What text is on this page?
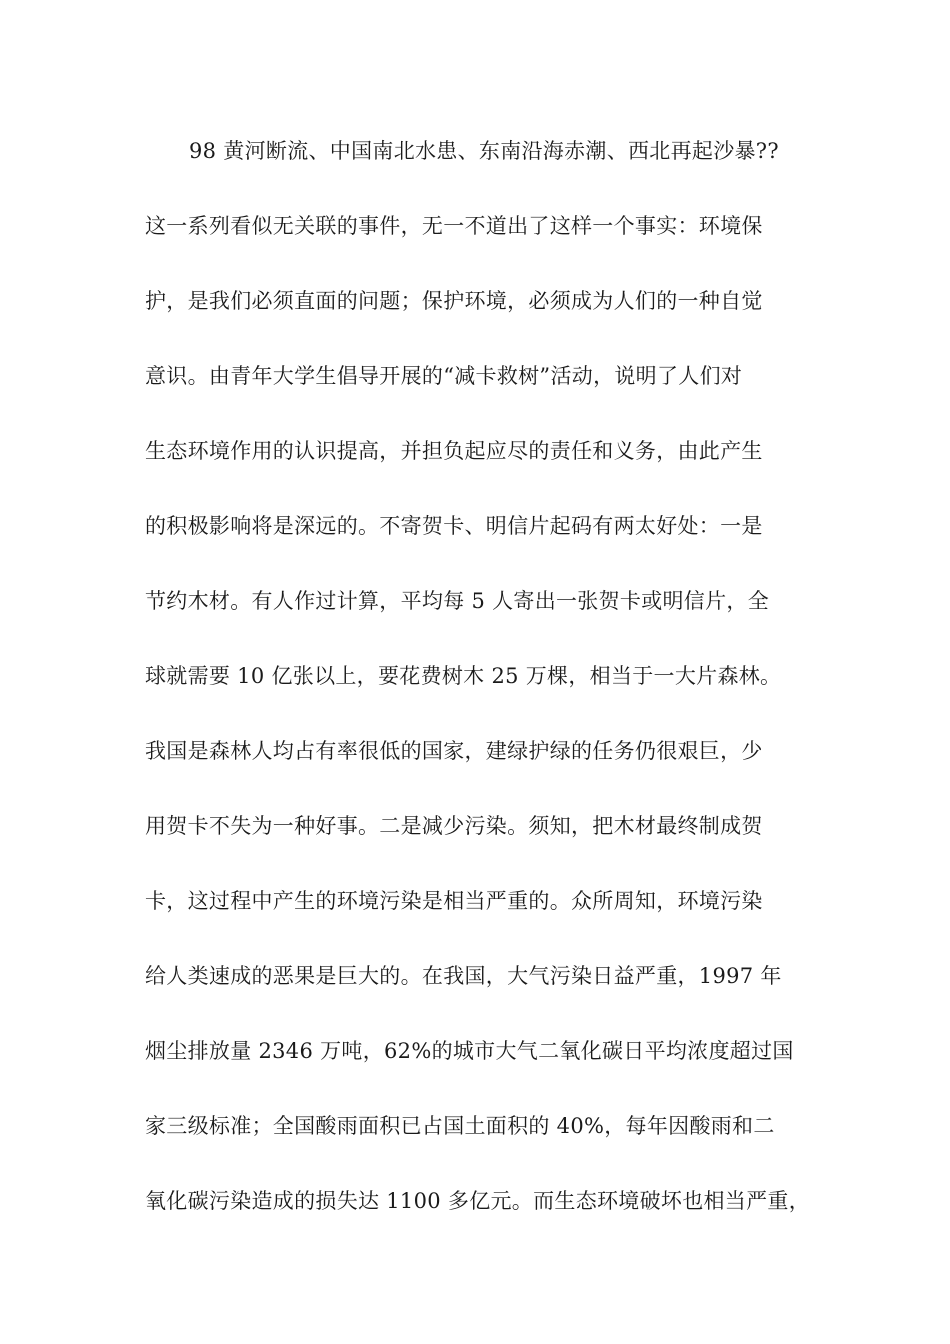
98 黄河断流、中国南北水患、东南沿海赤潮、西北再起沙暴??
这一系列看似无关联的事件，无一不道出了这样一个事实：环境保
护，是我们必须直面的问题；保护环境，必须成为人们的一种自觉
意识。由青年大学生倡导开展的“减卡救树”活动，说明了人们对
生态环境作用的认识提高，并担负起应尽的责任和义务，由此产生
的积极影响将是深远的。不寄贺卡、明信片起码有两太好处：一是
节约木材。有人作过计算，平均每 5 人寄出一张贺卡或明信片，全
球就需要 10 亿张以上，要花费树木 25 万棵，相当于一大片森林。
我国是森林人均占有率很低的国家，建绿护绿的任务仍很艰巨，少
用贺卡不失为一种好事。二是减少污染。须知，把木材最终制成贺
卡，这过程中产生的环境污染是相当严重的。众所周知，环境污染
给人类速成的恶果是巨大的。在我国，大气污染日益严重，1997 年
烟尘排放量 2346 万吨，62%的城市大气二氧化碳日平均浓度超过国
家三级标准；全国酸雨面积已占国土面积的 40%，每年因酸雨和二
氧化碳污染造成的损失达 1100 多亿元。而生态环境破坏也相当严重，
